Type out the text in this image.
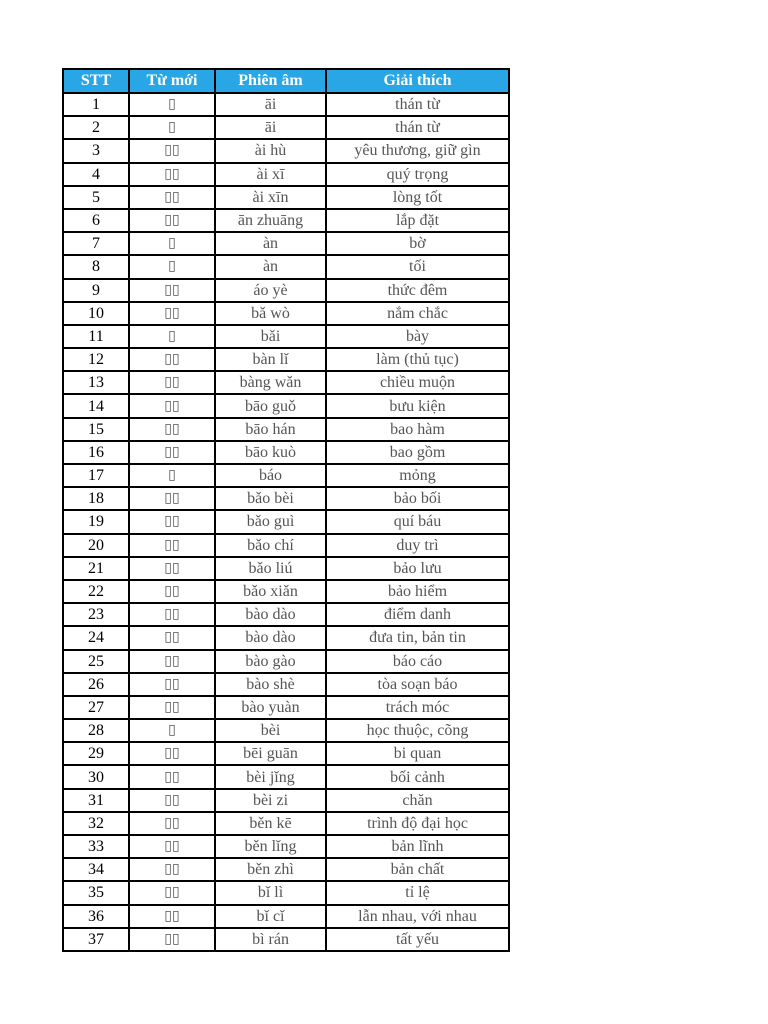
STT	Từ mới	Phiên âm	Giải thích
1	▯	āi	thán từ
2	▯	āi	thán từ
3	▯▯	ài hù	yêu thương, giữ gìn
4	▯▯	ài xī	quý trọng
5	▯▯	ài xīn	lòng tốt
6	▯▯	ān zhuāng	lắp đặt
7	▯	àn	bờ
8	▯	àn	tối
9	▯▯	áo yè	thức đêm
10	▯▯	bǎ wò	nắm chắc
11	▯	bǎi	bày
12	▯▯	bàn lǐ	làm (thủ tục)
13	▯▯	bàng wǎn	chiều muộn
14	▯▯	bāo guǒ	bưu kiện
15	▯▯	bāo hán	bao hàm
16	▯▯	bāo kuò	bao gồm
17	▯	báo	mỏng
18	▯▯	bǎo bèi	bảo bối
19	▯▯	bǎo guì	quí báu
20	▯▯	bǎo chí	duy trì
21	▯▯	bǎo liú	bảo lưu
22	▯▯	bǎo xiǎn	bảo hiểm
23	▯▯	bào dào	điểm danh
24	▯▯	bào dào	đưa tin, bản tin
25	▯▯	bào gào	báo cáo
26	▯▯	bào shè	tòa soạn báo
27	▯▯	bào yuàn	trách móc
28	▯	bèi	học thuộc, cõng
29	▯▯	bēi guān	bi quan
30	▯▯	bèi jǐng	bối cảnh
31	▯▯	bèi zi	chăn
32	▯▯	běn kē	trình độ đại học
33	▯▯	běn lǐng	bản lĩnh
34	▯▯	běn zhì	bản chất
35	▯▯	bǐ lì	tỉ lệ
36	▯▯	bǐ cǐ	lẫn nhau, với nhau
37	▯▯	bì rán	tất yếu
